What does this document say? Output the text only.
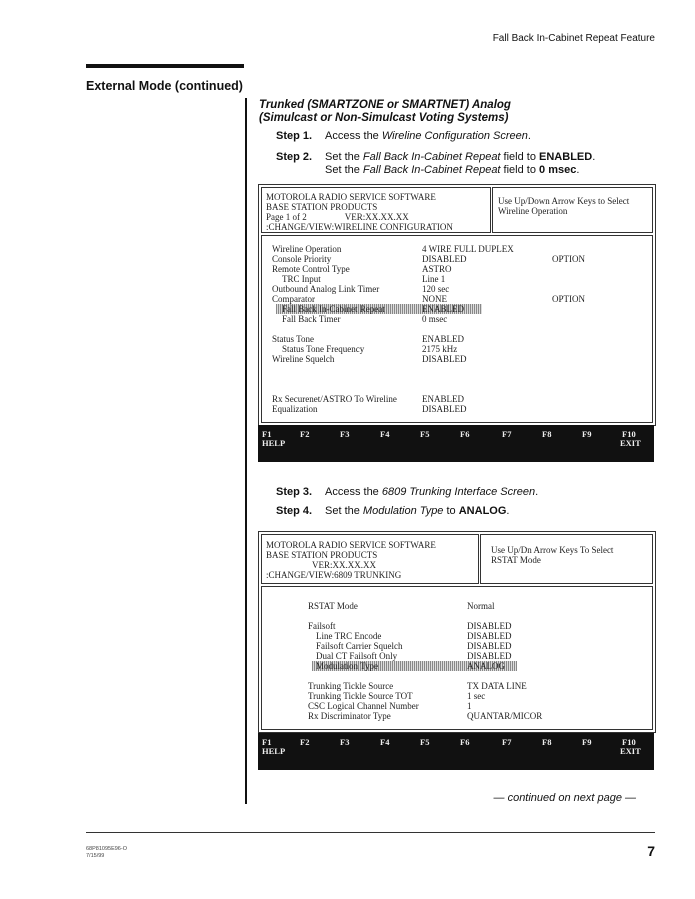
Fall Back In-Cabinet Repeat Feature
External Mode (continued)
Trunked (SMARTZONE or SMARTNET) Analog
(Simulcast or Non-Simulcast Voting Systems)
Step 1. Access the Wireline Configuration Screen.
Step 2. Set the Fall Back In-Cabinet Repeat field to ENABLED.
Set the Fall Back In-Cabinet Repeat field to 0 msec.
MOTOROLA RADIO SERVICE SOFTWARE
BASE STATION PRODUCTS
Page 1 of 2	VER:XX.XX.XX
:CHANGE/VIEW:WIRELINE CONFIGURATION
Use Up/Down Arrow Keys to Select
Wireline Operation
Wireline Operation	4 WIRE FULL DUPLEX
Console Priority	DISABLED	OPTION
Remote Control Type	ASTRO
TRC Input	Line 1
Outbound Analog Link Timer	120 sec
Comparator	NONE	OPTION
Fall Back In-Cabinet Repeat	ENABLED
Fall Back Timer	0 msec
Status Tone	ENABLED
Status Tone Frequency	2175 kHz
Wireline Squelch	DISABLED
Rx Securenet/ASTRO To Wireline	ENABLED
Equalization	DISABLED
F1	F2	F3	F4	F5	F6	F7	F8	F9	F10
HELP	EXIT
Step 3. Access the 6809 Trunking Interface Screen.
Step 4. Set the Modulation Type to ANALOG.
MOTOROLA RADIO SERVICE SOFTWARE
BASE STATION PRODUCTS
VER:XX.XX.XX
:CHANGE/VIEW:6809 TRUNKING
Use Up/Dn Arrow Keys To Select
RSTAT Mode
RSTAT Mode	Normal
Failsoft	DISABLED
Line TRC Encode	DISABLED
Failsoft Carrier Squelch	DISABLED
Dual CT Failsoft Only	DISABLED
Modulation Type	ANALOG
Trunking Tickle Source	TX DATA LINE
Trunking Tickle Source TOT	1 sec
CSC Logical Channel Number	1
Rx Discriminator Type	QUANTAR/MICOR
F1	F2	F3	F4	F5	F6	F7	F8	F9	F10
HELP	EXIT
— continued on next page —
68P81095E96-O
7/15/99	7
